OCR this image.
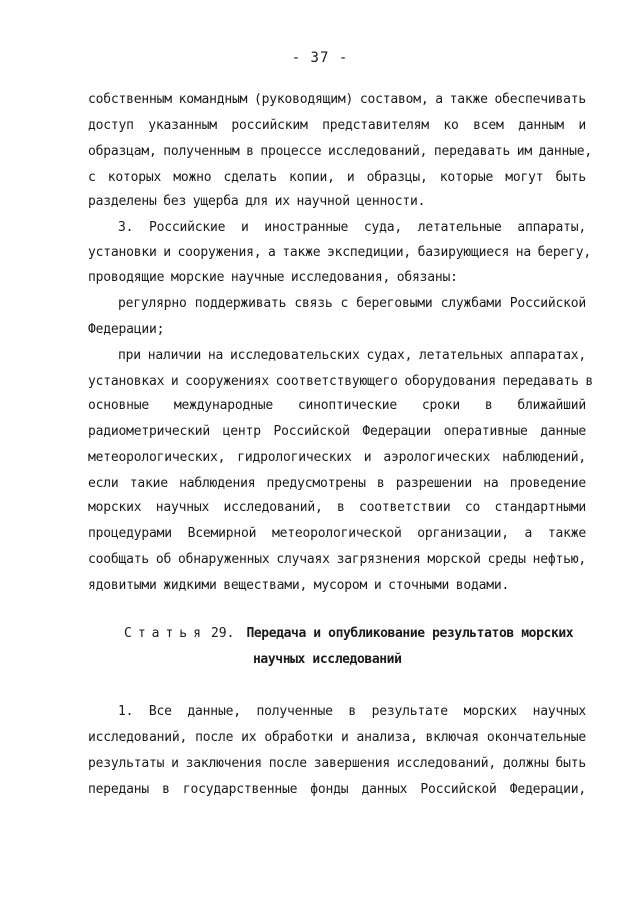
- 37 -
собственным командным (руководящим) составом, а также обеспечивать
доступ указанным российским представителям ко всем данным и
образцам, полученным в процессе исследований, передавать им данные,
с которых можно сделать копии, и образцы, которые могут быть
разделены без ущерба для их научной ценности.
3. Российские и иностранные суда, летательные аппараты,
установки и сооружения, а также экспедиции, базирующиеся на берегу,
проводящие морские научные исследования, обязаны:
регулярно поддерживать связь с береговыми службами Российской
Федерации;
при наличии на исследовательских судах, летательных аппаратах,
установках и сооружениях соответствующего оборудования передавать в
основные международные синоптические сроки в ближайший
радиометрический центр Российской Федерации оперативные данные
метеорологических, гидрологических и аэрологических наблюдений,
если такие наблюдения предусмотрены в разрешении на проведение
морских научных исследований, в соответствии со стандартными
процедурами Всемирной метеорологической организации, а также
сообщать об обнаруженных случаях загрязнения морской среды нефтью,
ядовитыми жидкими веществами, мусором и сточными водами.
Статья 29. Передача и опубликование результатов морских
научных исследований
1. Все данные, полученные в результате морских научных
исследований, после их обработки и анализа, включая окончательные
результаты и заключения после завершения исследований, должны быть
переданы в государственные фонды данных Российской Федерации,
